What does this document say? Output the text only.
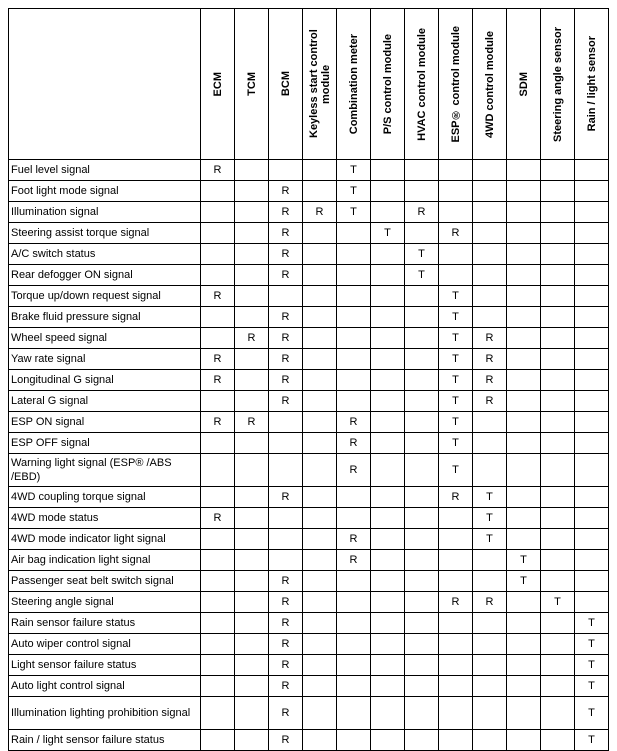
	ECM	TCM	BCM	Keyless start control module	Combination meter	P/S control module	HVAC control module	ESP® control module	4WD control module	SDM	Steering angle sensor	Rain / light sensor

Fuel level signal	R				T							
Foot light mode signal			R		T							
Illumination signal			R	R	T		R					
Steering assist torque signal			R			T		R				
A/C switch status			R				T					
Rear defogger ON signal			R				T					
Torque up/down request signal	R							T				
Brake fluid pressure signal			R					T				
Wheel speed signal		R	R					T	R			
Yaw rate signal	R		R					T	R			
Longitudinal G signal	R		R					T	R			
Lateral G signal			R					T	R			
ESP ON signal	R	R			R			T				
ESP OFF signal					R			T				
Warning light signal (ESP® /ABS /EBD)					R			T				
4WD coupling torque signal			R					R	T			
4WD mode status	R								T			
4WD mode indicator light signal					R				T			
Air bag indication light signal					R					T		
Passenger seat belt switch signal			R							T		
Steering angle signal			R					R	R		T	
Rain sensor failure status			R									T
Auto wiper control signal			R									T
Light sensor failure status			R									T
Auto light control signal			R									T
Illumination lighting prohibition signal			R									T
Rain / light sensor failure status			R									T
